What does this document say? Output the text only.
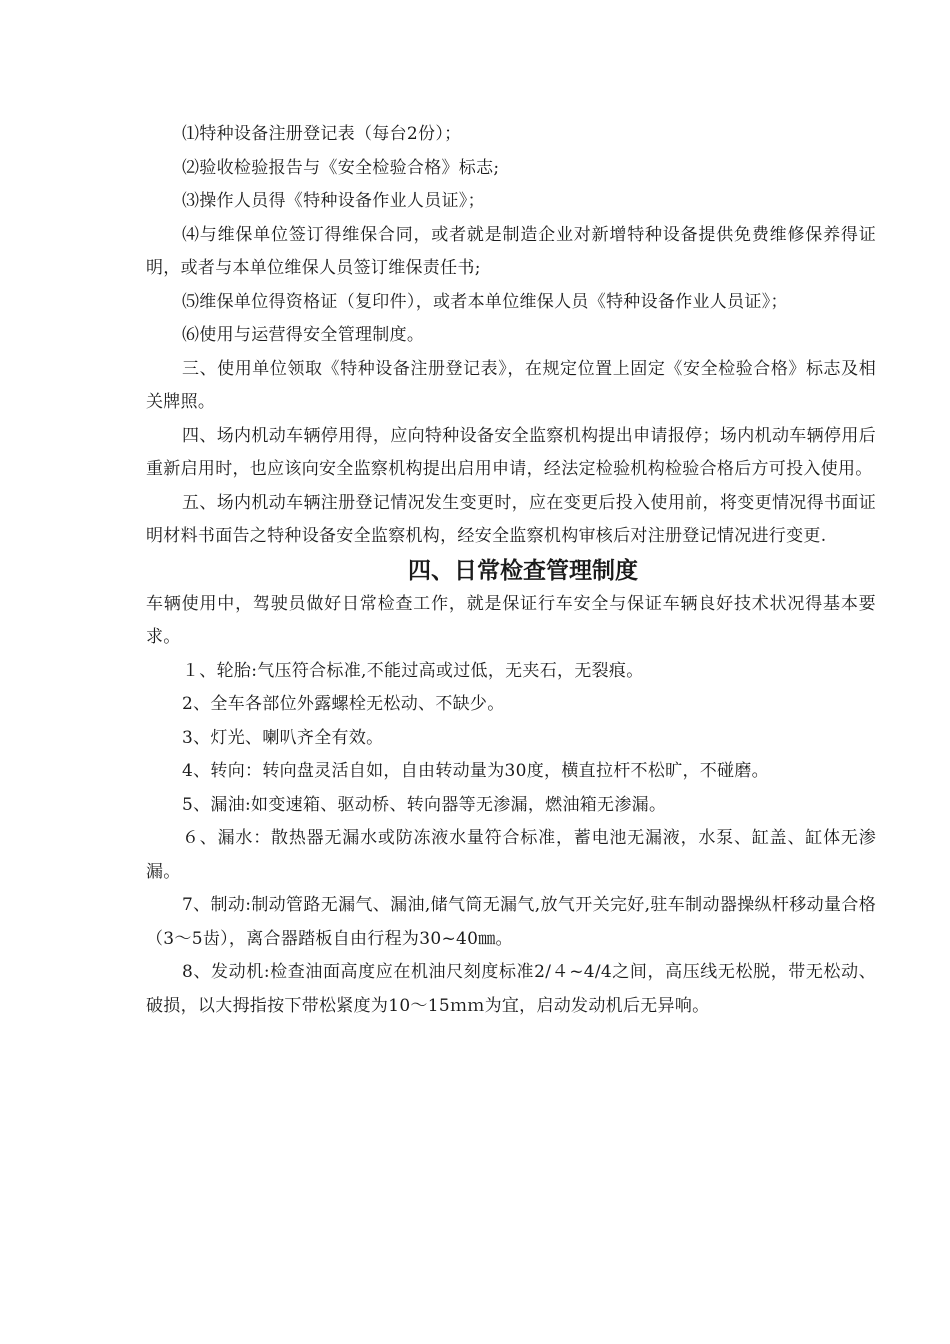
⑴特种设备注册登记表（每台2份）；

⑵验收检验报告与《安全检验合格》标志;

⑶操作人员得《特种设备作业人员证》；

⑷与维保单位签订得维保合同，或者就是制造企业对新增特种设备提供免费维修保养得证明，或者与本单位维保人员签订维保责任书;

⑸维保单位得资格证（复印件），或者本单位维保人员《特种设备作业人员证》；

⑹使用与运营得安全管理制度。

三、使用单位领取《特种设备注册登记表》，在规定位置上固定《安全检验合格》标志及相关牌照。

四、场内机动车辆停用得，应向特种设备安全监察机构提出申请报停；场内机动车辆停用后重新启用时，也应该向安全监察机构提出启用申请，经法定检验机构检验合格后方可投入使用。

五、场内机动车辆注册登记情况发生变更时，应在变更后投入使用前，将变更情况得书面证明材料书面告之特种设备安全监察机构，经安全监察机构审核后对注册登记情况进行变更.

四、日常检查管理制度

车辆使用中，驾驶员做好日常检查工作，就是保证行车安全与保证车辆良好技术状况得基本要求。

１、轮胎:气压符合标准,不能过高或过低，无夹石，无裂痕。

2、全车各部位外露螺栓无松动、不缺少。

3、灯光、喇叭齐全有效。

4、转向：转向盘灵活自如，自由转动量为30度，横直拉杆不松旷，不碰磨。

5、漏油:如变速箱、驱动桥、转向器等无渗漏，燃油箱无渗漏。

６、漏水：散热器无漏水或防冻液水量符合标准，蓄电池无漏液，水泵、缸盖、缸体无渗漏。

7、制动:制动管路无漏气、漏油,储气筒无漏气,放气开关完好,驻车制动器操纵杆移动量合格（3～5齿），离合器踏板自由行程为30~40㎜。

8、发动机:检查油面高度应在机油尺刻度标准2/４~4/4之间，高压线无松脱，带无松动、破损，以大拇指按下带松紧度为10～15ｍｍ为宜，启动发动机后无异响。
